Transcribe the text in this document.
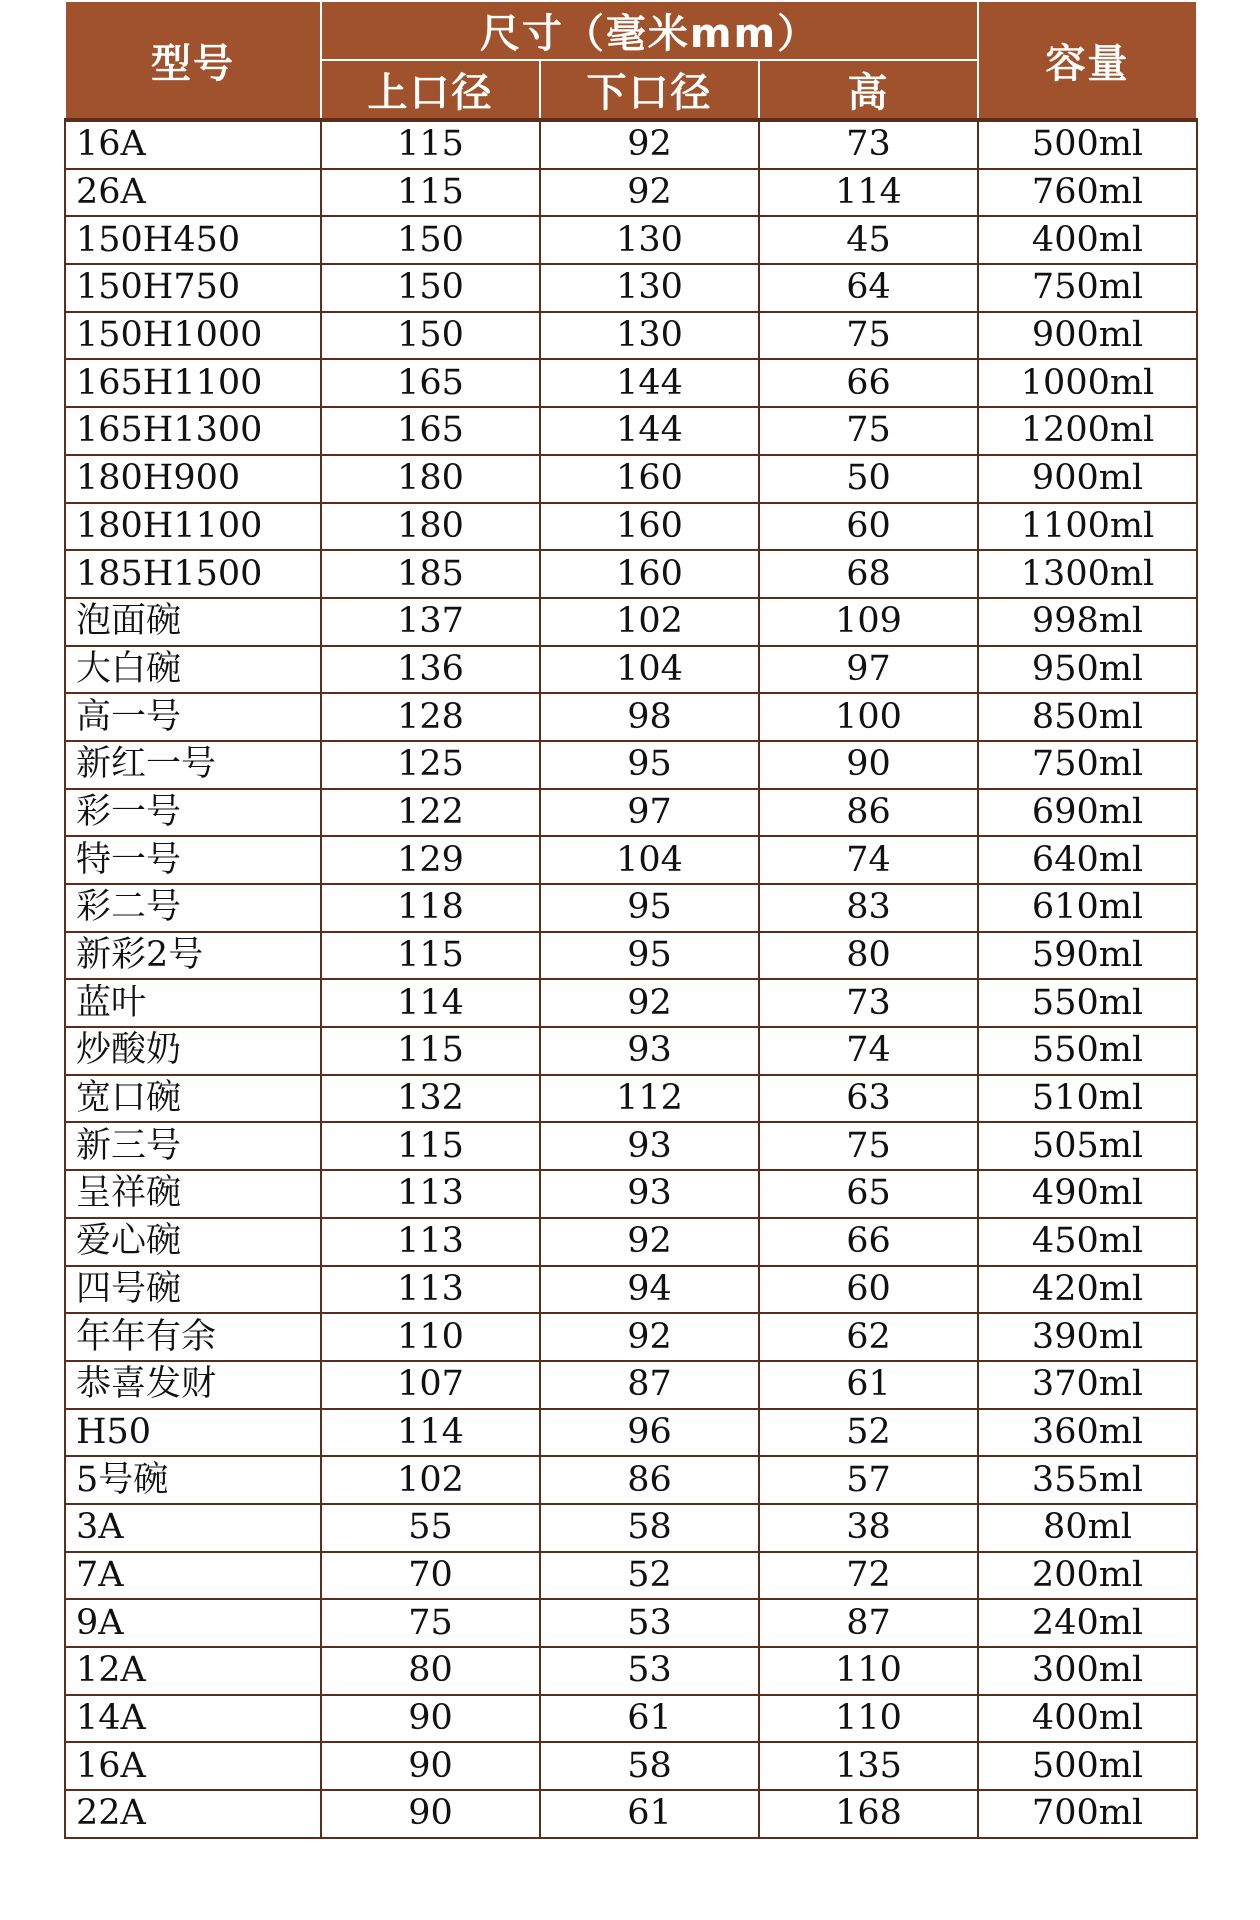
型号	尺寸（毫米mm）			容量
	上口径	下口径	高	
16A	115	92	73	500ml
26A	115	92	114	760ml
150H450	150	130	45	400ml
150H750	150	130	64	750ml
150H1000	150	130	75	900ml
165H1100	165	144	66	1000ml
165H1300	165	144	75	1200ml
180H900	180	160	50	900ml
180H1100	180	160	60	1100ml
185H1500	185	160	68	1300ml
泡面碗	137	102	109	998ml
大白碗	136	104	97	950ml
高一号	128	98	100	850ml
新红一号	125	95	90	750ml
彩一号	122	97	86	690ml
特一号	129	104	74	640ml
彩二号	118	95	83	610ml
新彩2号	115	95	80	590ml
蓝叶	114	92	73	550ml
炒酸奶	115	93	74	550ml
宽口碗	132	112	63	510ml
新三号	115	93	75	505ml
呈祥碗	113	93	65	490ml
爱心碗	113	92	66	450ml
四号碗	113	94	60	420ml
年年有余	110	92	62	390ml
恭喜发财	107	87	61	370ml
H50	114	96	52	360ml
5号碗	102	86	57	355ml
3A	55	58	38	80ml
7A	70	52	72	200ml
9A	75	53	87	240ml
12A	80	53	110	300ml
14A	90	61	110	400ml
16A	90	58	135	500ml
22A	90	61	168	700ml
